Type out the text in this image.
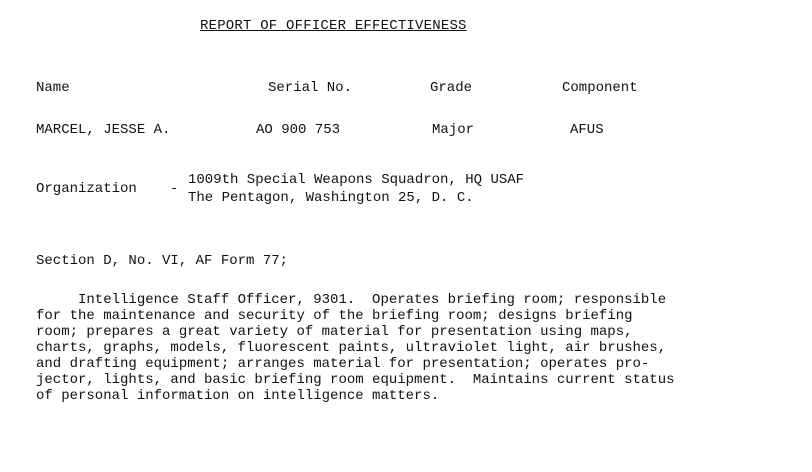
REPORT OF OFFICER EFFECTIVENESS
Name	Serial No.	Grade	Component
MARCEL, JESSE A.	AO 900 753	Major	AFUS
Organization -
1009th Special Weapons Squadron, HQ USAF
The Pentagon, Washington 25, D. C.
Section D, No. VI, AF Form 77;
Intelligence Staff Officer, 9301.  Operates briefing room; responsible
for the maintenance and security of the briefing room; designs briefing
room; prepares a great variety of material for presentation using maps,
charts, graphs, models, fluorescent paints, ultraviolet light, air brushes,
and drafting equipment; arranges material for presentation; operates pro-
jector, lights, and basic briefing room equipment.  Maintains current status
of personal information on intelligence matters.
